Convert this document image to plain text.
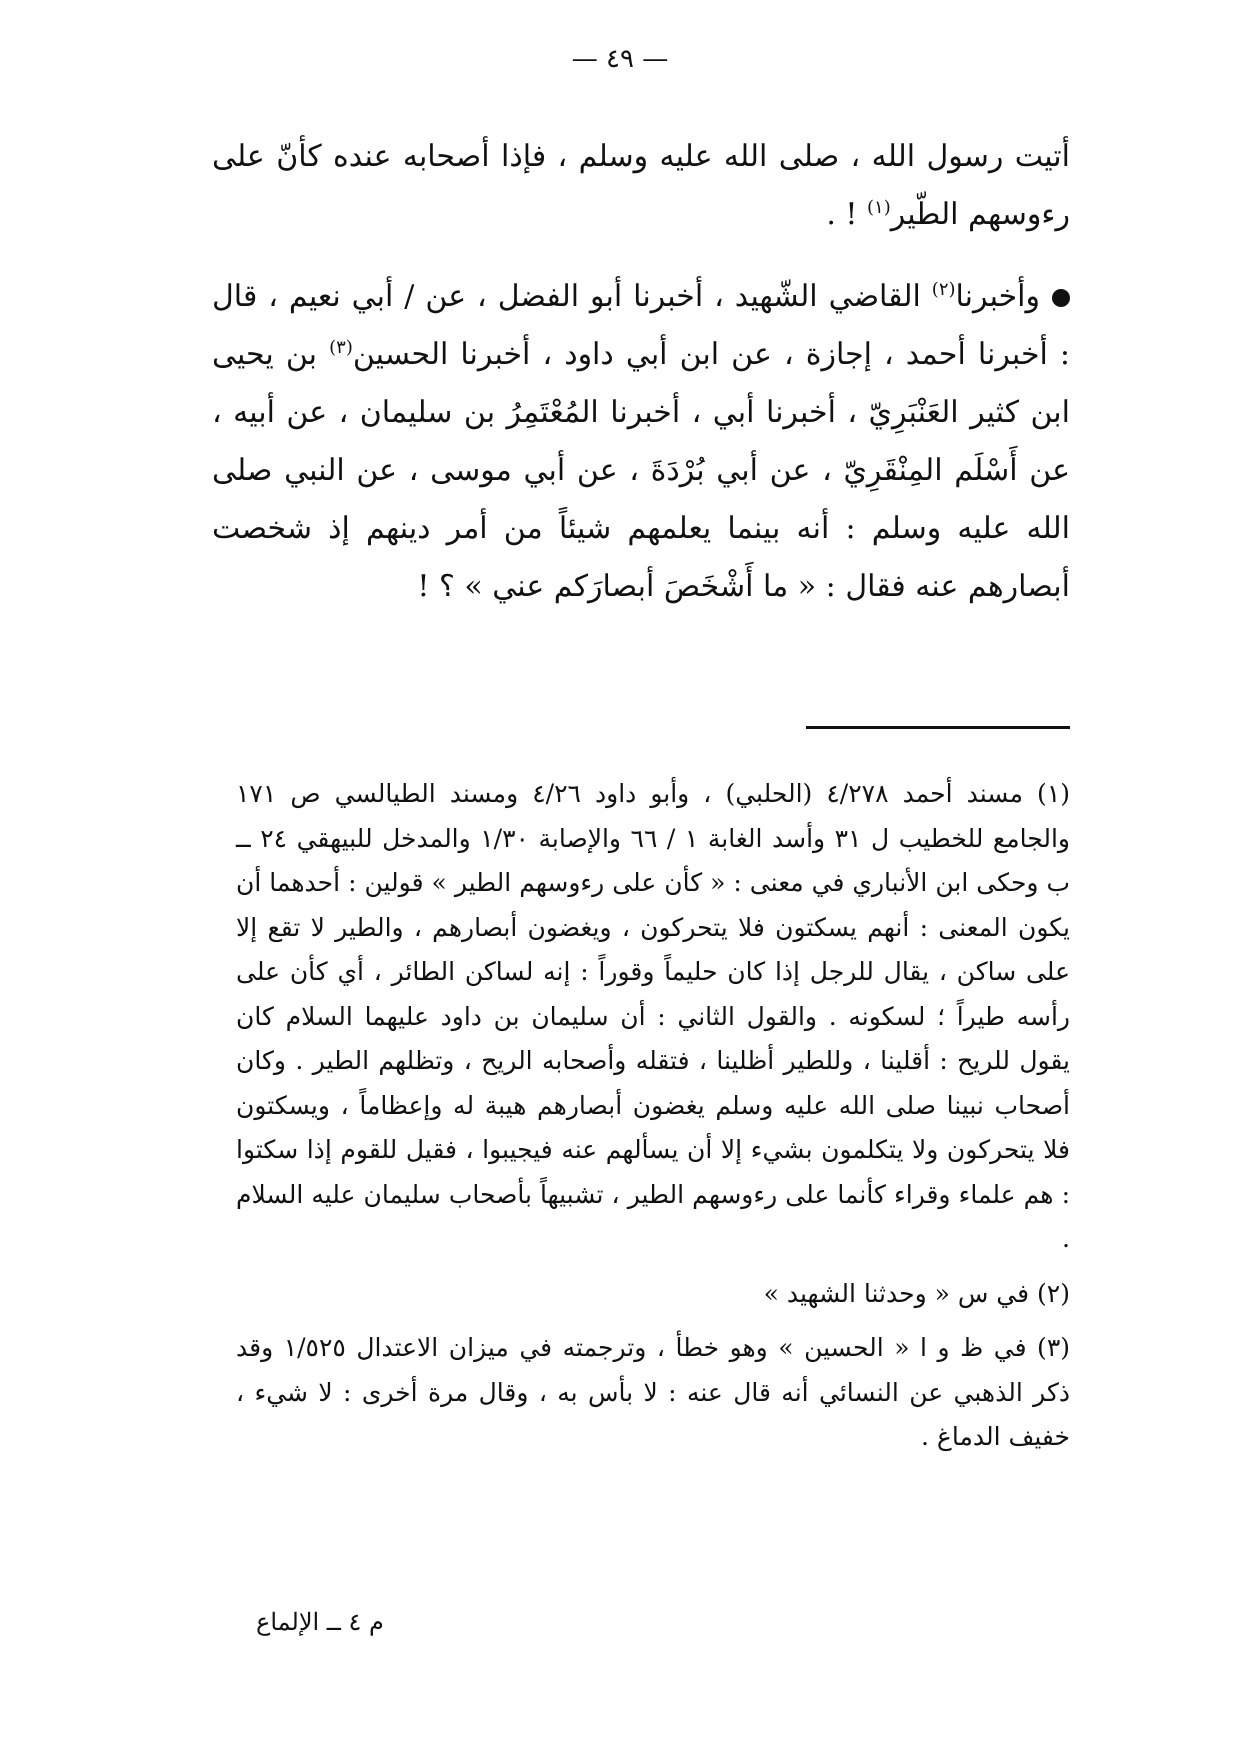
— ٤٩ —

أتيت رسول الله ، صلى الله عليه وسلم ، فإذا أصحابه عنده كأنّ على رءوسهم الطّير$^{(١)}$ ! .

وأخبرنا$^{(٢)}$ القاضي الشّهيد ، أخبرنا أبو الفضل ، عن / أبي نعيم ، قال : أخبرنا أحمد ، إجازة ، عن ابن أبي داود ، أخبرنا الحسين$^{(٣)}$ بن يحيى ابن كثير العَنْبَرِيّ ، أخبرنا أبي ، أخبرنا المُعْتَمِرُ بن سليمان ، عن أبيه ، عن أَسْلَم المِنْقَرِيّ ، عن أبي بُرْدَةَ ، عن أبي موسى ، عن النبي صلى الله عليه وسلم : أنه بينما يعلمهم شيئاً من أمر دينهم إذ شخصت أبصارهم عنه فقال : « ما أَشْخَصَ أبصارَكم عني » ؟ !

(١) مسند أحمد ٤/٢٧٨ (الحلبي) ، وأبو داود ٤/٢٦ ومسند الطيالسي ص ١٧١ والجامع للخطيب ل ٣١ وأسد الغابة ١ / ٦٦ والإصابة ١/٣٠ والمدخل للبيهقي ٢٤ ــ ب وحكى ابن الأنباري في معنى : « كأن على رءوسهم الطير » قولين : أحدهما أن يكون المعنى : أنهم يسكتون فلا يتحركون ، ويغضون أبصارهم ، والطير لا تقع إلا على ساكن ، يقال للرجل إذا كان حليماً وقوراً : إنه لساكن الطائر ، أي كأن على رأسه طيراً ؛ لسكونه . والقول الثاني : أن سليمان بن داود عليهما السلام كان يقول للريح : أقلينا ، وللطير أظلينا ، فتقله وأصحابه الريح ، وتظلهم الطير . وكان أصحاب نبينا صلى الله عليه وسلم يغضون أبصارهم هيبة له وإعظاماً ، ويسكتون فلا يتحركون ولا يتكلمون بشيء إلا أن يسألهم عنه فيجيبوا ، فقيل للقوم إذا سكتوا : هم علماء وقراء كأنما على رءوسهم الطير ، تشبيهاً بأصحاب سليمان عليه السلام .

(٢) في س « وحدثنا الشهيد »

(٣) في ظ و ا « الحسين » وهو خطأ ، وترجمته في ميزان الاعتدال ١/٥٢٥ وقد ذكر الذهبي عن النسائي أنه قال عنه : لا بأس به ، وقال مرة أخرى : لا شيء ، خفيف الدماغ .

م ٤ ــ الإلماع
